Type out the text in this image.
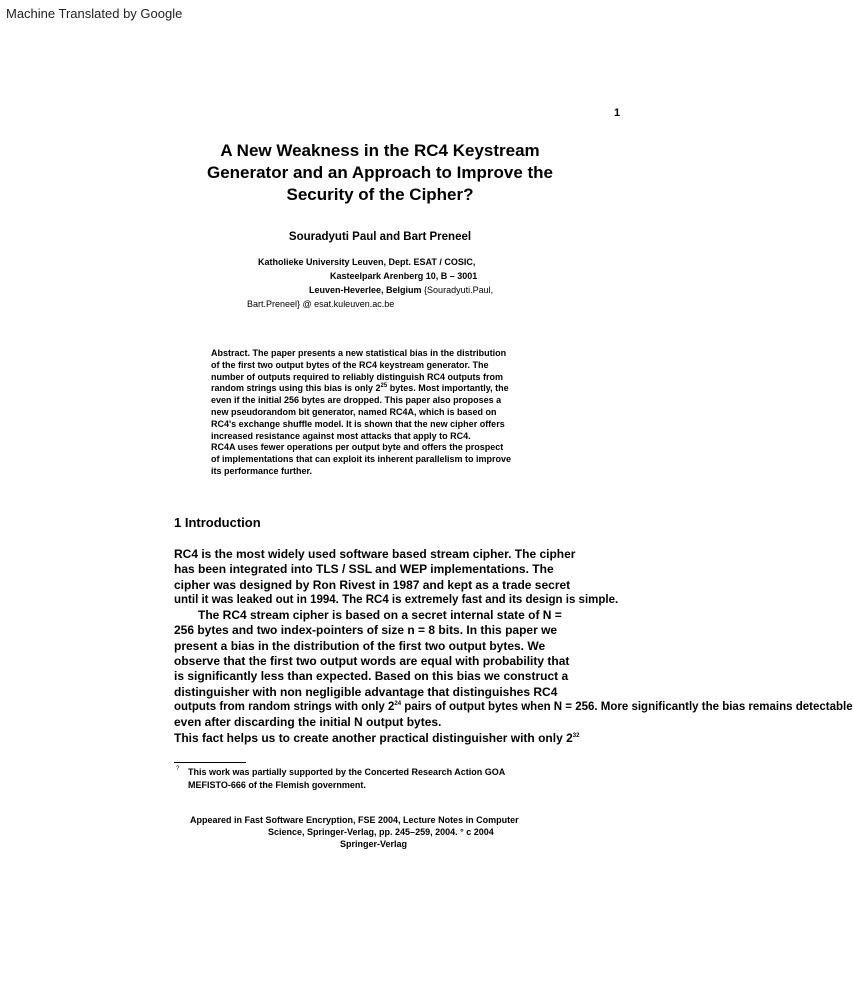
Machine Translated by Google
1
A New Weakness in the RC4 Keystream
Generator and an Approach to Improve the
Security of the Cipher?
Souradyuti Paul and Bart Preneel
Katholieke University Leuven, Dept. ESAT / COSIC,
Kasteelpark Arenberg 10, B – 3001
Leuven-Heverlee, Belgium {Souradyuti.Paul,
Bart.Preneel} @ esat.kuleuven.ac.be
Abstract. The paper presents a new statistical bias in the distribution
of the first two output bytes of the RC4 keystream generator. The
number of outputs required to reliably distinguish RC4 outputs from
random strings using this bias is only $2^{25}$ bytes. Most importantly, the
even if the initial 256 bytes are dropped. This paper also proposes a
new pseudorandom bit generator, named RC4A, which is based on
RC4's exchange shuffle model. It is shown that the new cipher offers
increased resistance against most attacks that apply to RC4.
RC4A uses fewer operations per output byte and offers the prospect
of implementations that can exploit its inherent parallelism to improve
its performance further.
1 Introduction
RC4 is the most widely used software based stream cipher. The cipher
has been integrated into TLS / SSL and WEP implementations. The
cipher was designed by Ron Rivest in 1987 and kept as a trade secret
until it was leaked out in 1994. The RC4 is extremely fast and its design is simple.
The RC4 stream cipher is based on a secret internal state of N =
256 bytes and two index-pointers of size n = 8 bits. In this paper we
present a bias in the distribution of the first two output bytes. We
observe that the first two output words are equal with probability that
is significantly less than expected. Based on this bias we construct a
distinguisher with non negligible advantage that distinguishes RC4
outputs from random strings with only $2^{24}$ pairs of output bytes when N = 256. More significantly the bias remains detectable
even after discarding the initial N output bytes.
This fact helps us to create another practical distinguisher with only $2^{32}$
? This work was partially supported by the Concerted Research Action GOA
MEFISTO-666 of the Flemish government.
Appeared in Fast Software Encryption, FSE 2004, Lecture Notes in Computer
Science, Springer-Verlag, pp. 245–259, 2004. ° c 2004
Springer-Verlag
